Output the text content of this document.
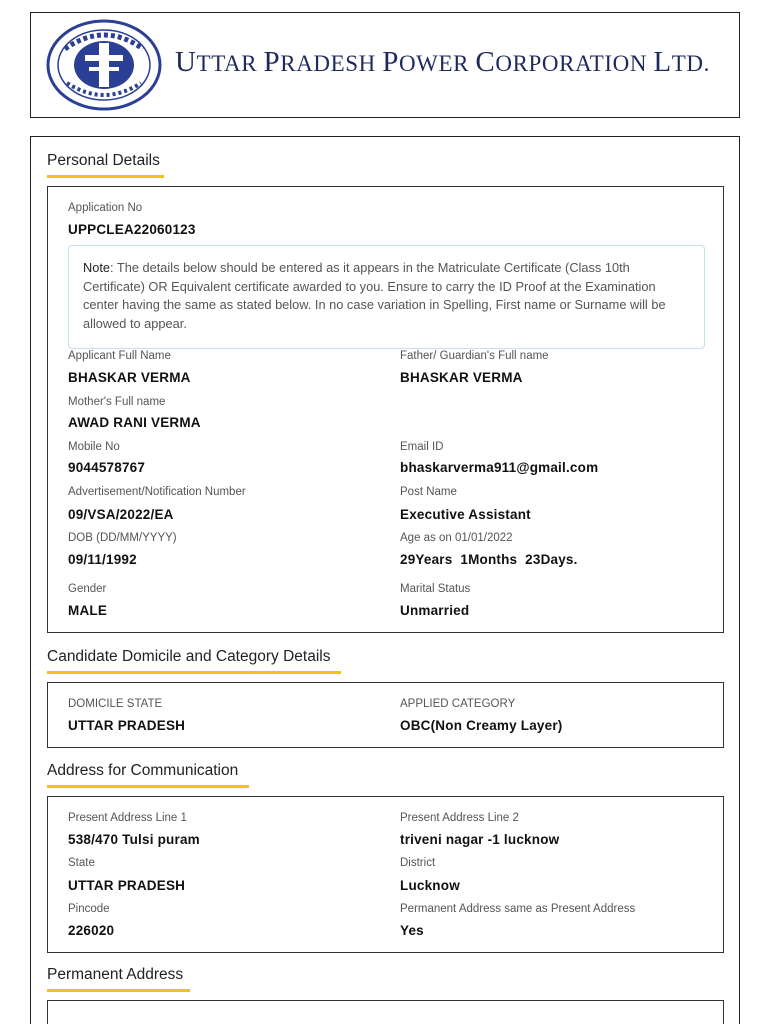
UTTAR PRADESH POWER CORPORATION LTD.
Personal Details
Application No
UPPCLEA22060123
Note: The details below should be entered as it appears in the Matriculate Certificate (Class 10th Certificate) OR Equivalent certificate awarded to you. Ensure to carry the ID Proof at the Examination center having the same as stated below. In no case variation in Spelling, First name or Surname will be allowed to appear.
Applicant Full Name
BHASKAR VERMA
Father/ Guardian's Full name
BHASKAR VERMA
Mother's Full name
AWAD RANI VERMA
Mobile No
9044578767
Email ID
bhaskarverma911@gmail.com
Advertisement/Notification Number
09/VSA/2022/EA
Post Name
Executive Assistant
DOB (DD/MM/YYYY)
09/11/1992
Age as on 01/01/2022
29Years  1Months  23Days.
Gender
MALE
Marital Status
Unmarried
Candidate Domicile and Category Details
DOMICILE STATE
UTTAR PRADESH
APPLIED CATEGORY
OBC(Non Creamy Layer)
Address for Communication
Present Address Line 1
538/470 Tulsi puram
Present Address Line 2
triveni nagar -1 lucknow
State
UTTAR PRADESH
District
Lucknow
Pincode
226020
Permanent Address same as Present Address
Yes
Permanent Address
